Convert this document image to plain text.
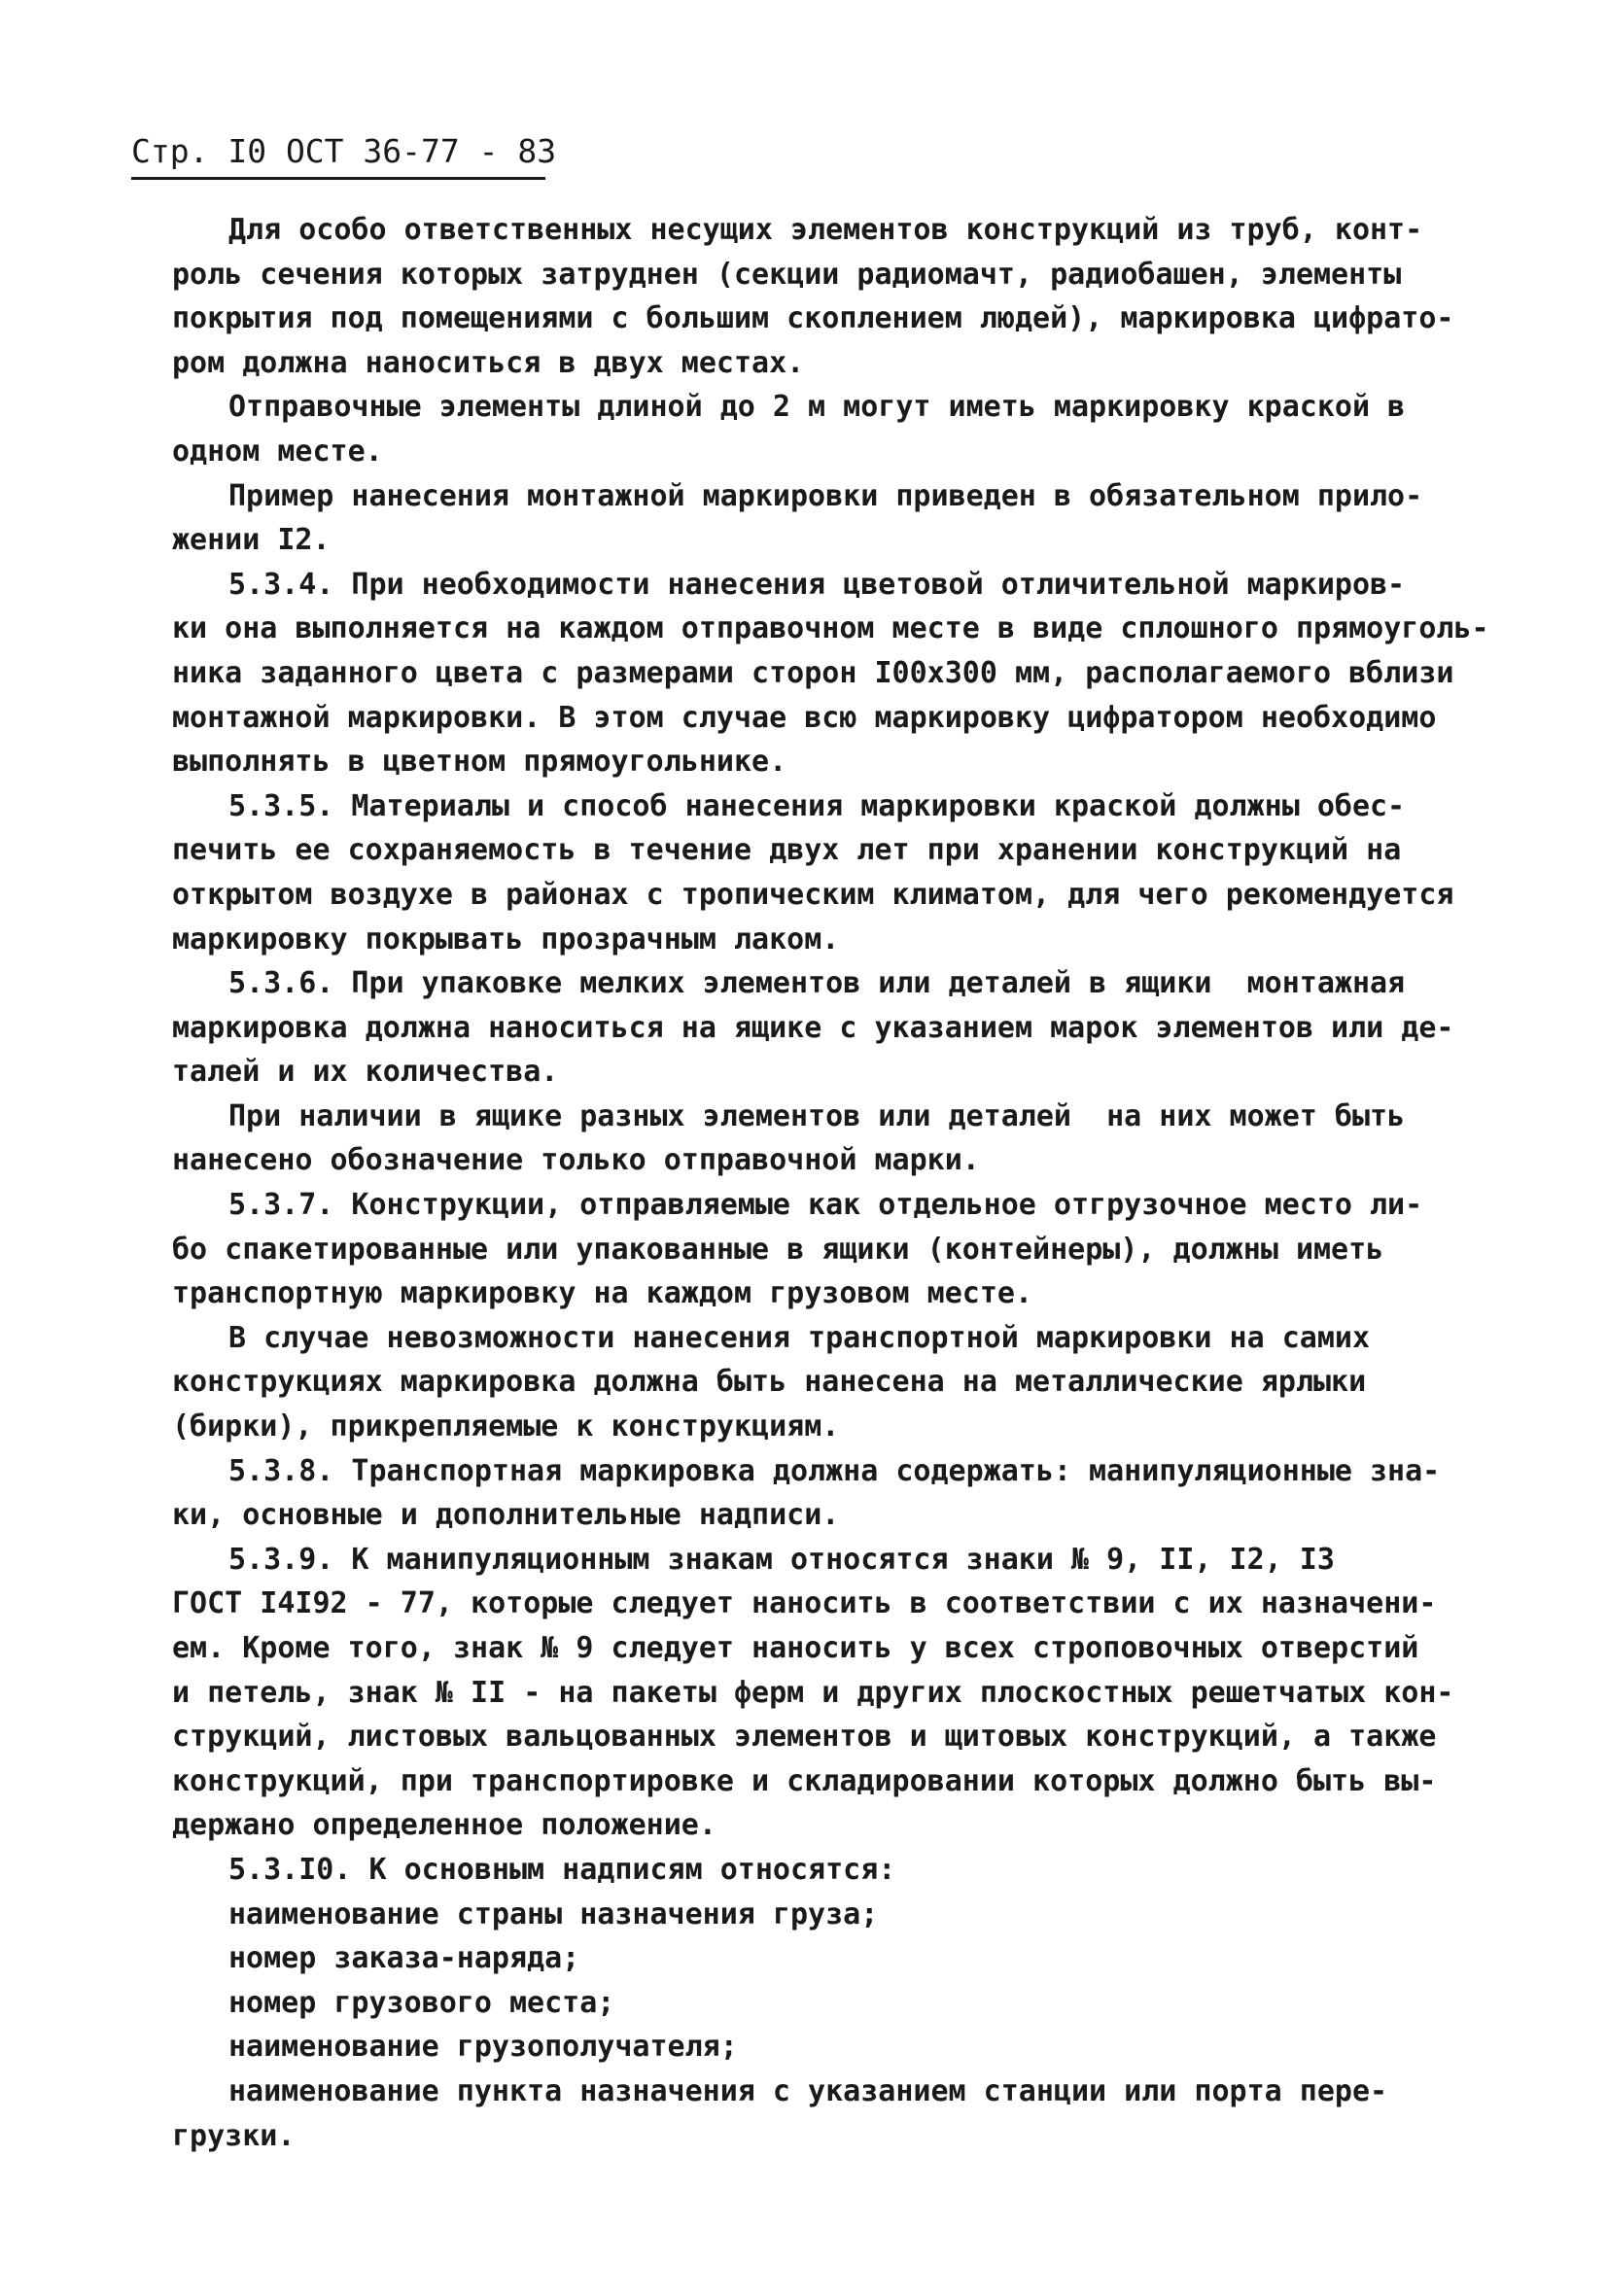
Стр. I0 ОСТ 36-77 - 83
Для особо ответственных несущих элементов конструкций из труб, конт-
роль сечения которых затруднен (секции радиомачт, радиобашен, элементы
покрытия под помещениями с большим скоплением людей), маркировка цифрато-
ром должна наноситься в двух местах.
Отправочные элементы длиной до 2 м могут иметь маркировку краской в
одном месте.
Пример нанесения монтажной маркировки приведен в обязательном прило-
жении I2.
5.3.4. При необходимости нанесения цветовой отличительной маркиров-
ки она выполняется на каждом отправочном месте в виде сплошного прямоуголь-
ника заданного цвета с размерами сторон I00х300 мм, располагаемого вблизи
монтажной маркировки. В этом случае всю маркировку цифратором необходимо
выполнять в цветном прямоугольнике.
5.3.5. Материалы и способ нанесения маркировки краской должны обес-
печить ее сохраняемость в течение двух лет при хранении конструкций на
открытом воздухе в районах с тропическим климатом, для чего рекомендуется
маркировку покрывать прозрачным лаком.
5.3.6. При упаковке мелких элементов или деталей в ящики  монтажная
маркировка должна наноситься на ящике с указанием марок элементов или де-
талей и их количества.
При наличии в ящике разных элементов или деталей  на них может быть
нанесено обозначение только отправочной марки.
5.3.7. Конструкции, отправляемые как отдельное отгрузочное место ли-
бо спакетированные или упакованные в ящики (контейнеры), должны иметь
транспортную маркировку на каждом грузовом месте.
В случае невозможности нанесения транспортной маркировки на самих
конструкциях маркировка должна быть нанесена на металлические ярлыки
(бирки), прикрепляемые к конструкциям.
5.3.8. Транспортная маркировка должна содержать: манипуляционные зна-
ки, основные и дополнительные надписи.
5.3.9. К манипуляционным знакам относятся знаки № 9, II, I2, I3
ГОСТ I4I92 - 77, которые следует наносить в соответствии с их назначени-
ем. Кроме того, знак № 9 следует наносить у всех строповочных отверстий
и петель, знак № II - на пакеты ферм и других плоскостных решетчатых кон-
струкций, листовых вальцованных элементов и щитовых конструкций, а также
конструкций, при транспортировке и складировании которых должно быть вы-
держано определенное положение.
5.3.I0. К основным надписям относятся:
наименование страны назначения груза;
номер заказа-наряда;
номер грузового места;
наименование грузополучателя;
наименование пункта назначения с указанием станции или порта пере-
грузки.
